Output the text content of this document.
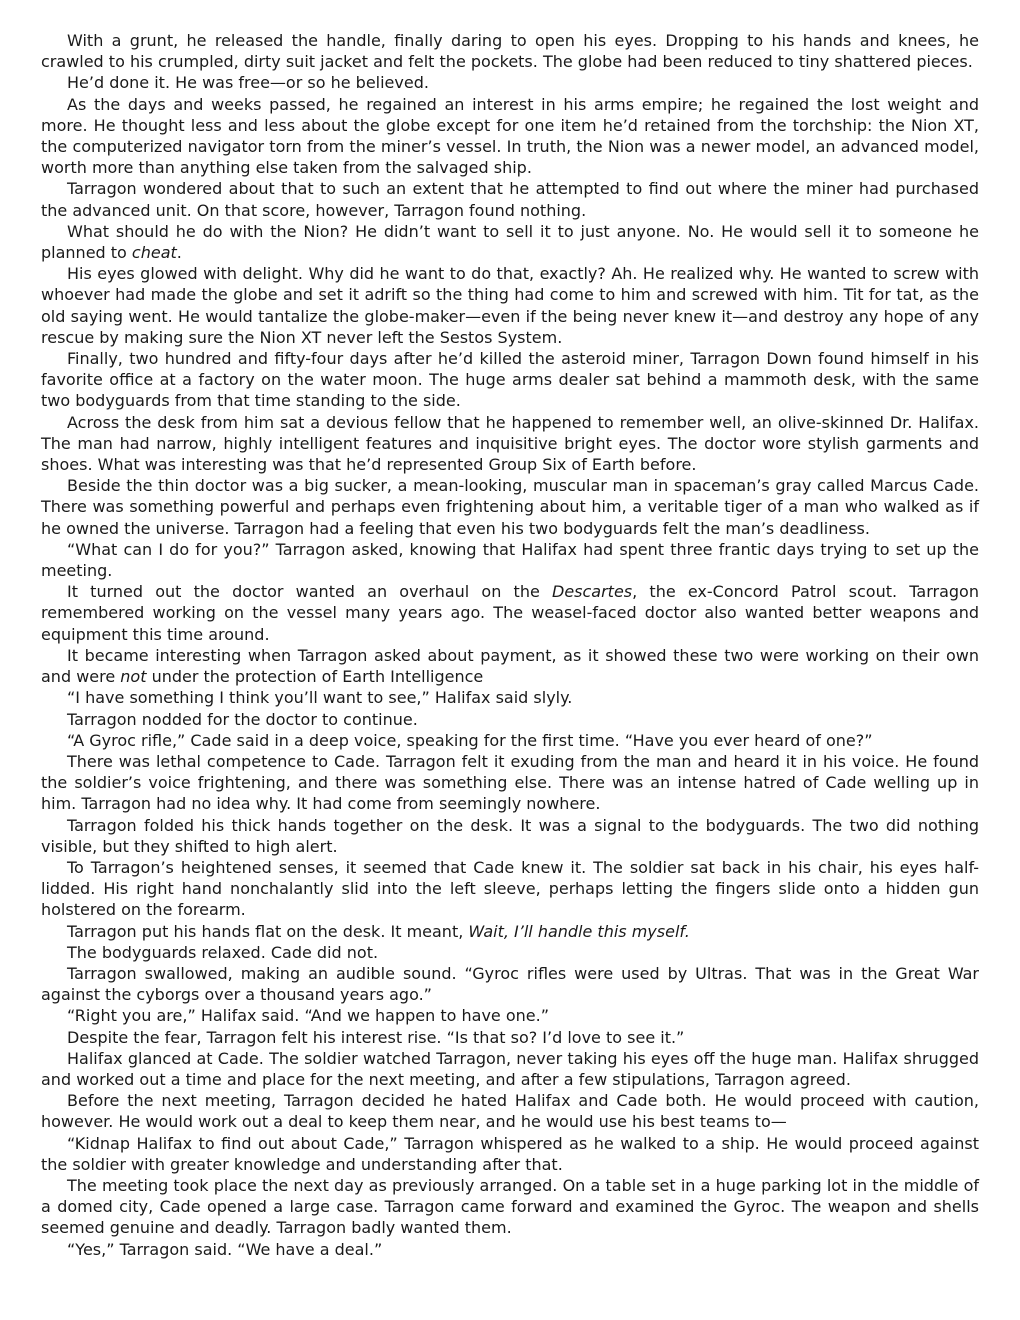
With a grunt, he released the handle, finally daring to open his eyes. Dropping to his hands and knees, he crawled to his crumpled, dirty suit jacket and felt the pockets. The globe had been reduced to tiny shattered pieces.

He’d done it. He was free—or so he believed.

As the days and weeks passed, he regained an interest in his arms empire; he regained the lost weight and more. He thought less and less about the globe except for one item he’d retained from the torchship: the Nion XT, the computerized navigator torn from the miner’s vessel. In truth, the Nion was a newer model, an advanced model, worth more than anything else taken from the salvaged ship.

Tarragon wondered about that to such an extent that he attempted to find out where the miner had purchased the advanced unit. On that score, however, Tarragon found nothing.

What should he do with the Nion? He didn’t want to sell it to just anyone. No. He would sell it to someone he planned to cheat.

His eyes glowed with delight. Why did he want to do that, exactly? Ah. He realized why. He wanted to screw with whoever had made the globe and set it adrift so the thing had come to him and screwed with him. Tit for tat, as the old saying went. He would tantalize the globe-maker—even if the being never knew it—and destroy any hope of any rescue by making sure the Nion XT never left the Sestos System.

Finally, two hundred and fifty-four days after he’d killed the asteroid miner, Tarragon Down found himself in his favorite office at a factory on the water moon. The huge arms dealer sat behind a mammoth desk, with the same two bodyguards from that time standing to the side.

Across the desk from him sat a devious fellow that he happened to remember well, an olive-skinned Dr. Halifax. The man had narrow, highly intelligent features and inquisitive bright eyes. The doctor wore stylish garments and shoes. What was interesting was that he’d represented Group Six of Earth before.

Beside the thin doctor was a big sucker, a mean-looking, muscular man in spaceman’s gray called Marcus Cade. There was something powerful and perhaps even frightening about him, a veritable tiger of a man who walked as if he owned the universe. Tarragon had a feeling that even his two bodyguards felt the man’s deadliness.

“What can I do for you?” Tarragon asked, knowing that Halifax had spent three frantic days trying to set up the meeting.

It turned out the doctor wanted an overhaul on the Descartes, the ex-Concord Patrol scout. Tarragon remembered working on the vessel many years ago. The weasel-faced doctor also wanted better weapons and equipment this time around.

It became interesting when Tarragon asked about payment, as it showed these two were working on their own and were not under the protection of Earth Intelligence

“I have something I think you’ll want to see,” Halifax said slyly.

Tarragon nodded for the doctor to continue.

“A Gyroc rifle,” Cade said in a deep voice, speaking for the first time. “Have you ever heard of one?”

There was lethal competence to Cade. Tarragon felt it exuding from the man and heard it in his voice. He found the soldier’s voice frightening, and there was something else. There was an intense hatred of Cade welling up in him. Tarragon had no idea why. It had come from seemingly nowhere.

Tarragon folded his thick hands together on the desk. It was a signal to the bodyguards. The two did nothing visible, but they shifted to high alert.

To Tarragon’s heightened senses, it seemed that Cade knew it. The soldier sat back in his chair, his eyes half-lidded. His right hand nonchalantly slid into the left sleeve, perhaps letting the fingers slide onto a hidden gun holstered on the forearm.

Tarragon put his hands flat on the desk. It meant, Wait, I’ll handle this myself.

The bodyguards relaxed. Cade did not.

Tarragon swallowed, making an audible sound. “Gyroc rifles were used by Ultras. That was in the Great War against the cyborgs over a thousand years ago.”

“Right you are,” Halifax said. “And we happen to have one.”

Despite the fear, Tarragon felt his interest rise. “Is that so? I’d love to see it.”

Halifax glanced at Cade. The soldier watched Tarragon, never taking his eyes off the huge man. Halifax shrugged and worked out a time and place for the next meeting, and after a few stipulations, Tarragon agreed.

Before the next meeting, Tarragon decided he hated Halifax and Cade both. He would proceed with caution, however. He would work out a deal to keep them near, and he would use his best teams to—

“Kidnap Halifax to find out about Cade,” Tarragon whispered as he walked to a ship. He would proceed against the soldier with greater knowledge and understanding after that.

The meeting took place the next day as previously arranged. On a table set in a huge parking lot in the middle of a domed city, Cade opened a large case. Tarragon came forward and examined the Gyroc. The weapon and shells seemed genuine and deadly. Tarragon badly wanted them.

“Yes,” Tarragon said. “We have a deal.”
